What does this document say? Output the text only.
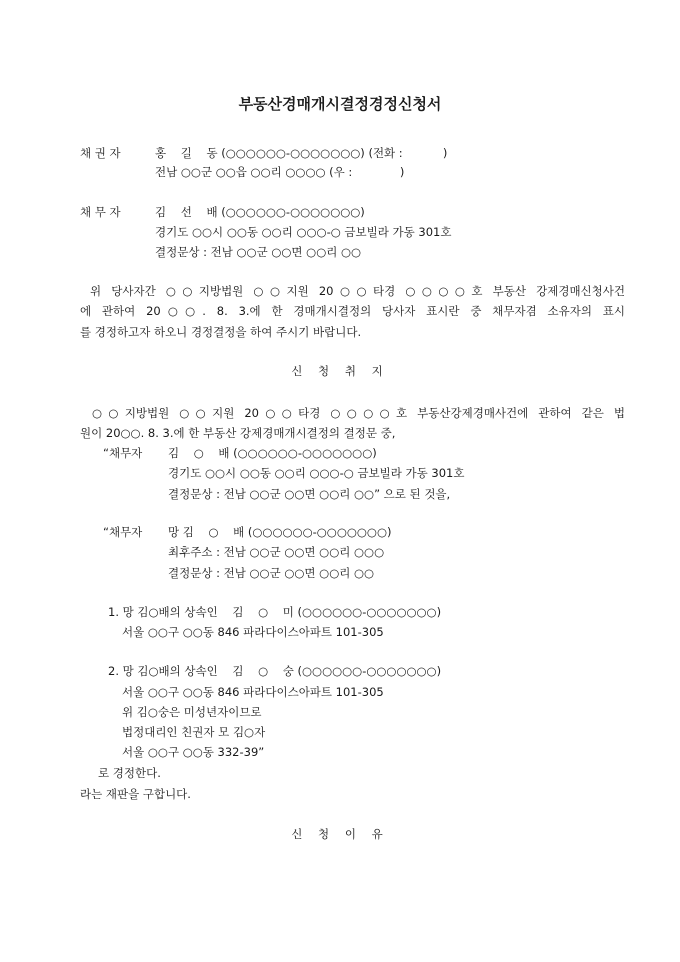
부동산경매개시결정경정신청서
채 권 자	홍    길    동 (○○○○○○-○○○○○○○) (전화 :           )
전남 ○○군 ○○읍 ○○리 ○○○○ (우 :             )
채 무 자	김    선    배 (○○○○○○-○○○○○○○)
경기도 ○○시 ○○동 ○○리 ○○○-○ 금보빌라 가동 301호
결정문상 : 전남 ○○군 ○○면 ○○리 ○○
위 당사자간 ○○지방법원 ○○지원 20○○타경 ○○○○호 부동산 강제경매신청사건
에 관하여 20○○. 8. 3.에 한 경매개시결정의 당사자 표시란 중 채무자겸 소유자의 표시
를 경정하고자 하오니 경정결정을 하여 주시기 바랍니다.
신 청 취 지
○○지방법원 ○○지원 20○○타경 ○○○○호 부동산강제경매사건에 관하여 같은 법
원이 20○○. 8. 3.에 한 부동산 강제경매개시결정의 결정문 중,
“채무자 김    ○    배 (○○○○○○-○○○○○○○)
경기도 ○○시 ○○동 ○○리 ○○○-○ 금보빌라 가동 301호
결정문상 : 전남 ○○군 ○○면 ○○리 ○○” 으로 된 것을,
“채무자 망 김    ○    배 (○○○○○○-○○○○○○○)
최후주소 : 전남 ○○군 ○○면 ○○리 ○○○
결정문상 : 전남 ○○군 ○○면 ○○리 ○○
1. 망 김○배의 상속인    김    ○    미 (○○○○○○-○○○○○○○)
서울 ○○구 ○○동 846 파라다이스아파트 101-305
2. 망 김○배의 상속인    김    ○    숭 (○○○○○○-○○○○○○○)
서울 ○○구 ○○동 846 파라다이스아파트 101-305
위 김○숭은 미성년자이므로
법정대리인 친권자 모 김○자
서울 ○○구 ○○동 332-39”
로 경정한다.
라는 재판을 구합니다.
신 청 이 유
